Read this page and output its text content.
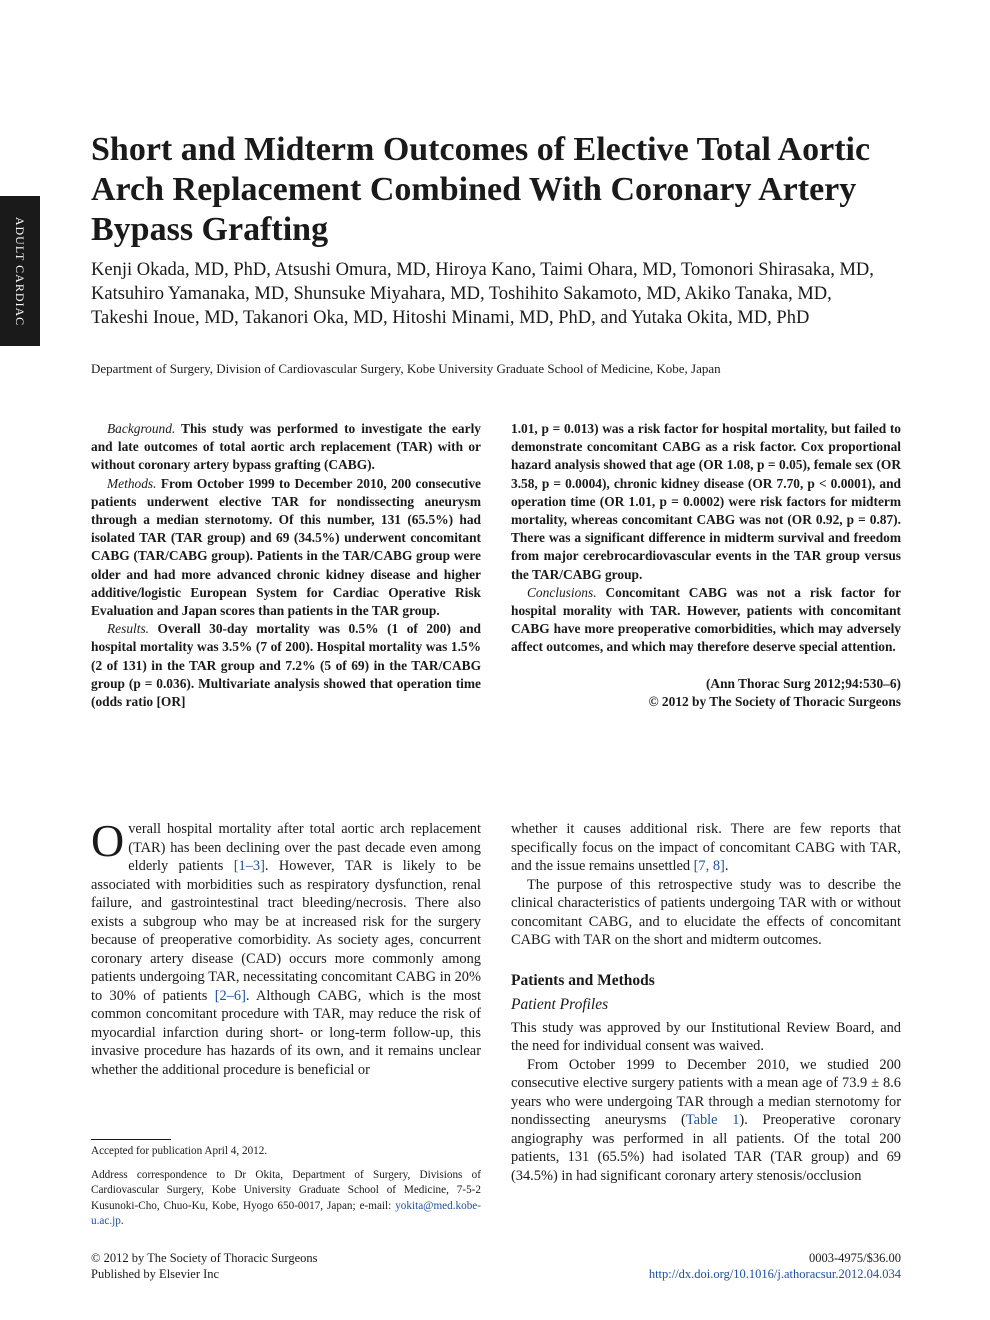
ADULT CARDIAC
Short and Midterm Outcomes of Elective Total Aortic Arch Replacement Combined With Coronary Artery Bypass Grafting
Kenji Okada, MD, PhD, Atsushi Omura, MD, Hiroya Kano, Taimi Ohara, MD, Tomonori Shirasaka, MD, Katsuhiro Yamanaka, MD, Shunsuke Miyahara, MD, Toshihito Sakamoto, MD, Akiko Tanaka, MD, Takeshi Inoue, MD, Takanori Oka, MD, Hitoshi Minami, MD, PhD, and Yutaka Okita, MD, PhD
Department of Surgery, Division of Cardiovascular Surgery, Kobe University Graduate School of Medicine, Kobe, Japan

Background. This study was performed to investigate the early and late outcomes of total aortic arch replacement (TAR) with or without coronary artery bypass grafting (CABG).

Methods. From October 1999 to December 2010, 200 consecutive patients underwent elective TAR for nondissecting aneurysm through a median sternotomy. Of this number, 131 (65.5%) had isolated TAR (TAR group) and 69 (34.5%) underwent concomitant CABG (TAR/CABG group). Patients in the TAR/CABG group were older and had more advanced chronic kidney disease and higher additive/logistic European System for Cardiac Operative Risk Evaluation and Japan scores than patients in the TAR group.

Results. Overall 30-day mortality was 0.5% (1 of 200) and hospital mortality was 3.5% (7 of 200). Hospital mortality was 1.5% (2 of 131) in the TAR group and 7.2% (5 of 69) in the TAR/CABG group (p = 0.036). Multivariate analysis showed that operation time (odds ratio [OR]

1.01, p = 0.013) was a risk factor for hospital mortality, but failed to demonstrate concomitant CABG as a risk factor. Cox proportional hazard analysis showed that age (OR 1.08, p = 0.05), female sex (OR 3.58, p = 0.0004), chronic kidney disease (OR 7.70, p < 0.0001), and operation time (OR 1.01, p = 0.0002) were risk factors for midterm mortality, whereas concomitant CABG was not (OR 0.92, p = 0.87). There was a significant difference in midterm survival and freedom from major cerebrocardiovascular events in the TAR group versus the TAR/CABG group.

Conclusions. Concomitant CABG was not a risk factor for hospital morality with TAR. However, patients with concomitant CABG have more preoperative comorbidities, which may adversely affect outcomes, and which may therefore deserve special attention.

(Ann Thorac Surg 2012;94:530–6)
© 2012 by The Society of Thoracic Surgeons

Overall hospital mortality after total aortic arch replacement (TAR) has been declining over the past decade even among elderly patients [1–3]. However, TAR is likely to be associated with morbidities such as respiratory dysfunction, renal failure, and gastrointestinal tract bleeding/necrosis. There also exists a subgroup who may be at increased risk for the surgery because of preoperative comorbidity. As society ages, concurrent coronary artery disease (CAD) occurs more commonly among patients undergoing TAR, necessitating concomitant CABG in 20% to 30% of patients [2–6]. Although CABG, which is the most common concomitant procedure with TAR, may reduce the risk of myocardial infarction during short- or long-term follow-up, this invasive procedure has hazards of its own, and it remains unclear whether the additional procedure is beneficial or

whether it causes additional risk. There are few reports that specifically focus on the impact of concomitant CABG with TAR, and the issue remains unsettled [7, 8].

The purpose of this retrospective study was to describe the clinical characteristics of patients undergoing TAR with or without concomitant CABG, and to elucidate the effects of concomitant CABG with TAR on the short and midterm outcomes.

Patients and Methods

Patient Profiles

This study was approved by our Institutional Review Board, and the need for individual consent was waived.

From October 1999 to December 2010, we studied 200 consecutive elective surgery patients with a mean age of 73.9 ± 8.6 years who were undergoing TAR through a median sternotomy for nondissecting aneurysms (Table 1). Preoperative coronary angiography was performed in all patients. Of the total 200 patients, 131 (65.5%) had isolated TAR (TAR group) and 69 (34.5%) in had significant coronary artery stenosis/occlusion

Accepted for publication April 4, 2012.

Address correspondence to Dr Okita, Department of Surgery, Divisions of Cardiovascular Surgery, Kobe University Graduate School of Medicine, 7-5-2 Kusunoki-Cho, Chuo-Ku, Kobe, Hyogo 650-0017, Japan; e-mail: yokita@med.kobe-u.ac.jp.

© 2012 by The Society of Thoracic Surgeons
Published by Elsevier Inc
0003-4975/$36.00
http://dx.doi.org/10.1016/j.athoracsur.2012.04.034
